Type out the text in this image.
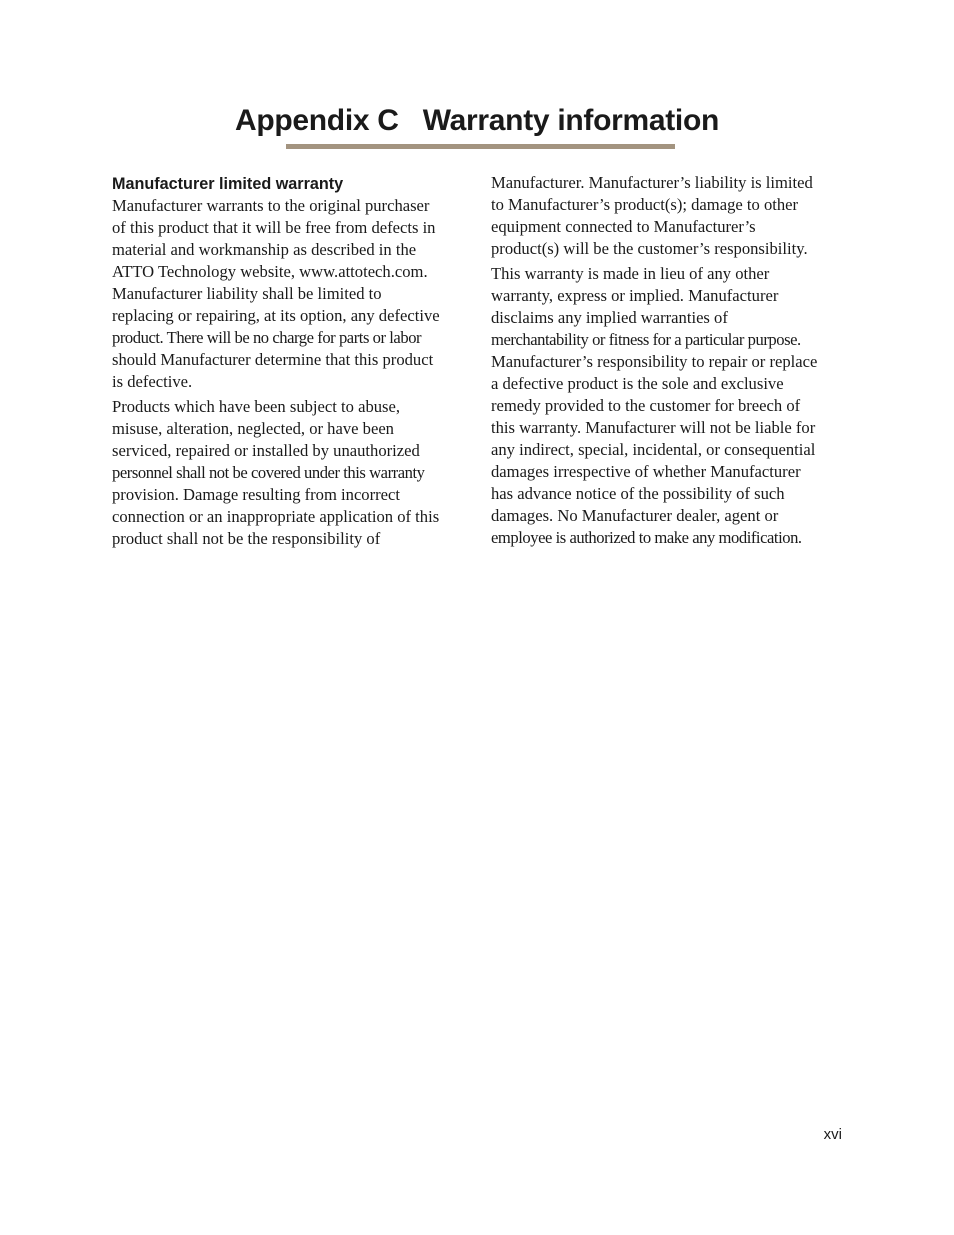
Appendix C   Warranty information
Manufacturer limited warranty

Manufacturer warrants to the original purchaser
of this product that it will be free from defects in
material and workmanship as described in the
ATTO Technology website, www.attotech.com.
Manufacturer liability shall be limited to
replacing or repairing, at its option, any defective
product. There will be no charge for parts or labor
should Manufacturer determine that this product
is defective.

Products which have been subject to abuse,
misuse, alteration, neglected, or have been
serviced, repaired or installed by unauthorized
personnel shall not be covered under this warranty
provision. Damage resulting from incorrect
connection or an inappropriate application of this
product shall not be the responsibility of

Manufacturer. Manufacturer’s liability is limited
to Manufacturer’s product(s); damage to other
equipment connected to Manufacturer’s
product(s) will be the customer’s responsibility.

This warranty is made in lieu of any other
warranty, express or implied. Manufacturer
disclaims any implied warranties of
merchantability or fitness for a particular purpose.
Manufacturer’s responsibility to repair or replace
a defective product is the sole and exclusive
remedy provided to the customer for breech of
this warranty. Manufacturer will not be liable for
any indirect, special, incidental, or consequential
damages irrespective of whether Manufacturer
has advance notice of the possibility of such
damages. No Manufacturer dealer, agent or
employee is authorized to make any modification.

xvi
